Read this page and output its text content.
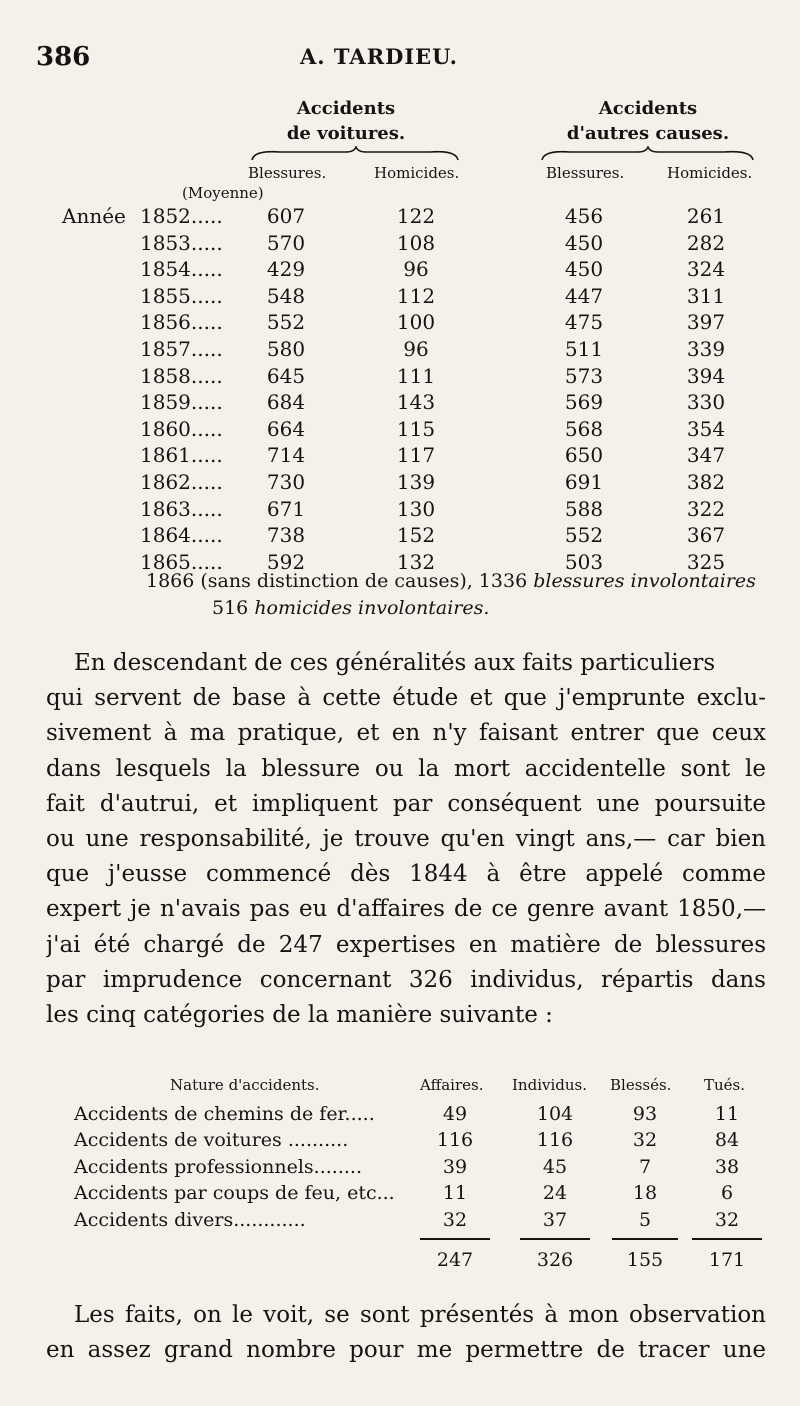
386	A. TARDIEU.
Accidents
de voitures.
Accidents
d'autres causes.
Blessures.	Homicides.	Blessures.	Homicides.
(Moyenne)
Année 1852.....	607	122	456	261
1853.....	570	108	450	282
1854.....	429	96	450	324
1855.....	548	112	447	311
1856.....	552	100	475	397
1857.....	580	96	511	339
1858.....	645	111	573	394
1859.....	684	143	569	330
1860.....	664	115	568	354
1861.....	714	117	650	347
1862.....	730	139	691	382
1863.....	671	130	588	322
1864.....	738	152	552	367
1865.....	592	132	503	325
1866 (sans distinction de causes), 1336 blessures involontaires
516 homicides involontaires.
En descendant de ces généralités aux faits particuliers
qui servent de base à cette étude et que j'emprunte exclu-
sivement à ma pratique, et en n'y faisant entrer que ceux
dans lesquels la blessure ou la mort accidentelle sont le
fait d'autrui, et impliquent par conséquent une poursuite
ou une responsabilité, je trouve qu'en vingt ans,— car bien
que j'eusse commencé dès 1844 à être appelé comme
expert je n'avais pas eu d'affaires de ce genre avant 1850,—
j'ai été chargé de 247 expertises en matière de blessures
par imprudence concernant 326 individus, répartis dans
les cinq catégories de la manière suivante :
Nature d'accidents.	Affaires. Individus. Blessés. Tués.
Accidents de chemins de fer.....	49	104	93	11
Accidents de voitures ..........	116	116	32	84
Accidents professionnels........	39	45	7	38
Accidents par coups de feu, etc...	11	24	18	6
Accidents divers............	32	37	5	32
247	326	155	171
Les faits, on le voit, se sont présentés à mon observation
en assez grand nombre pour me permettre de tracer une
